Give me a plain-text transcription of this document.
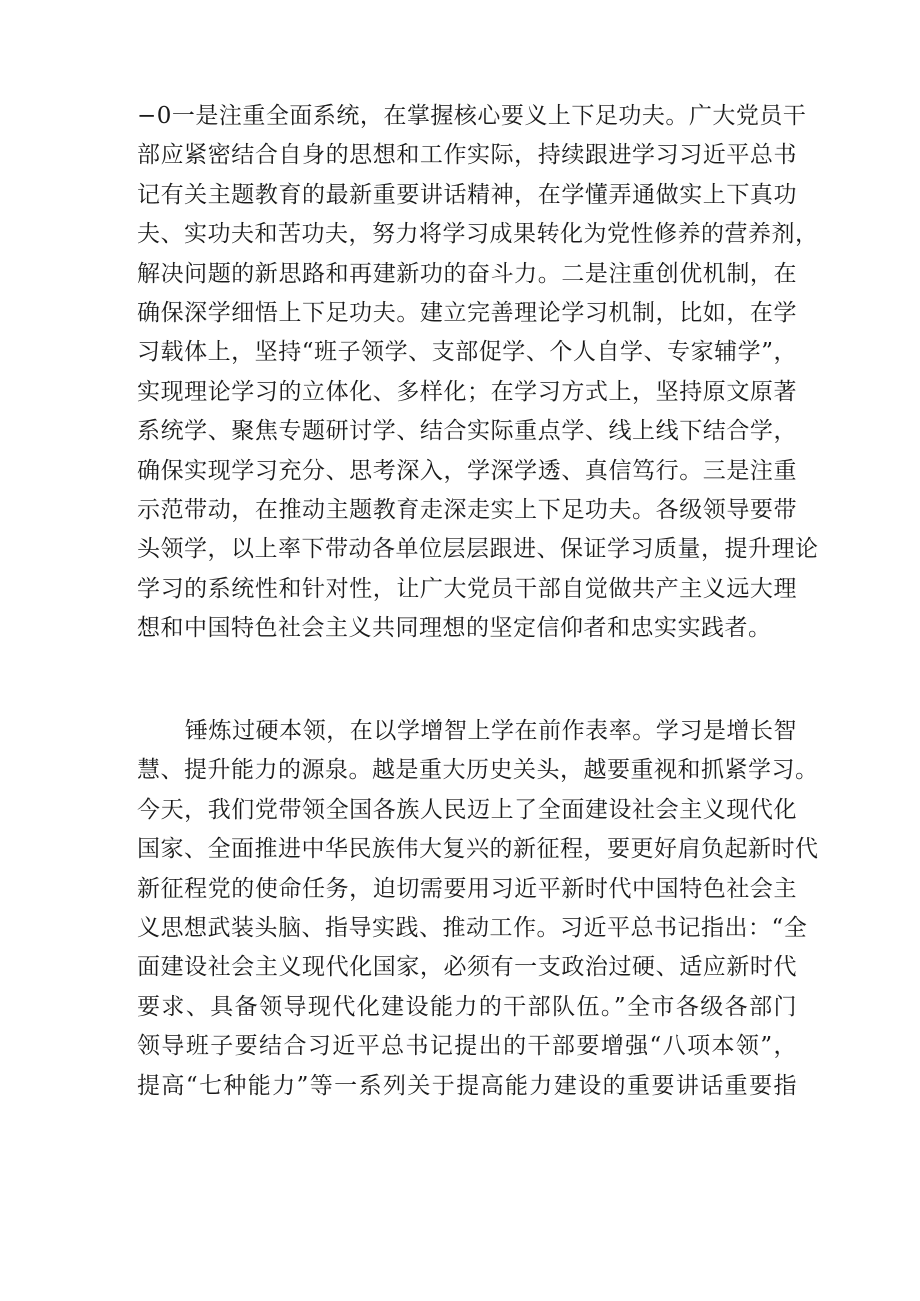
−0一是注重全面系统，在掌握核心要义上下足功夫。广大党员干
部应紧密结合自身的思想和工作实际，持续跟进学习习近平总书
记有关主题教育的最新重要讲话精神，在学懂弄通做实上下真功
夫、实功夫和苦功夫，努力将学习成果转化为党性修养的营养剂，
解决问题的新思路和再建新功的奋斗力。二是注重创优机制，在
确保深学细悟上下足功夫。建立完善理论学习机制，比如，在学
习载体上，坚持“班子领学、支部促学、个人自学、专家辅学”，
实现理论学习的立体化、多样化；在学习方式上，坚持原文原著
系统学、聚焦专题研讨学、结合实际重点学、线上线下结合学，
确保实现学习充分、思考深入，学深学透、真信笃行。三是注重
示范带动，在推动主题教育走深走实上下足功夫。各级领导要带
头领学，以上率下带动各单位层层跟进、保证学习质量，提升理论
学习的系统性和针对性，让广大党员干部自觉做共产主义远大理
想和中国特色社会主义共同理想的坚定信仰者和忠实实践者。
锤炼过硬本领，在以学增智上学在前作表率。学习是增长智
慧、提升能力的源泉。越是重大历史关头，越要重视和抓紧学习。
今天，我们党带领全国各族人民迈上了全面建设社会主义现代化
国家、全面推进中华民族伟大复兴的新征程，要更好肩负起新时代
新征程党的使命任务，迫切需要用习近平新时代中国特色社会主
义思想武装头脑、指导实践、推动工作。习近平总书记指出：“全
面建设社会主义现代化国家，必须有一支政治过硬、适应新时代
要求、具备领导现代化建设能力的干部队伍。”全市各级各部门
领导班子要结合习近平总书记提出的干部要增强“八项本领”，
提高“七种能力”等一系列关于提高能力建设的重要讲话重要指
